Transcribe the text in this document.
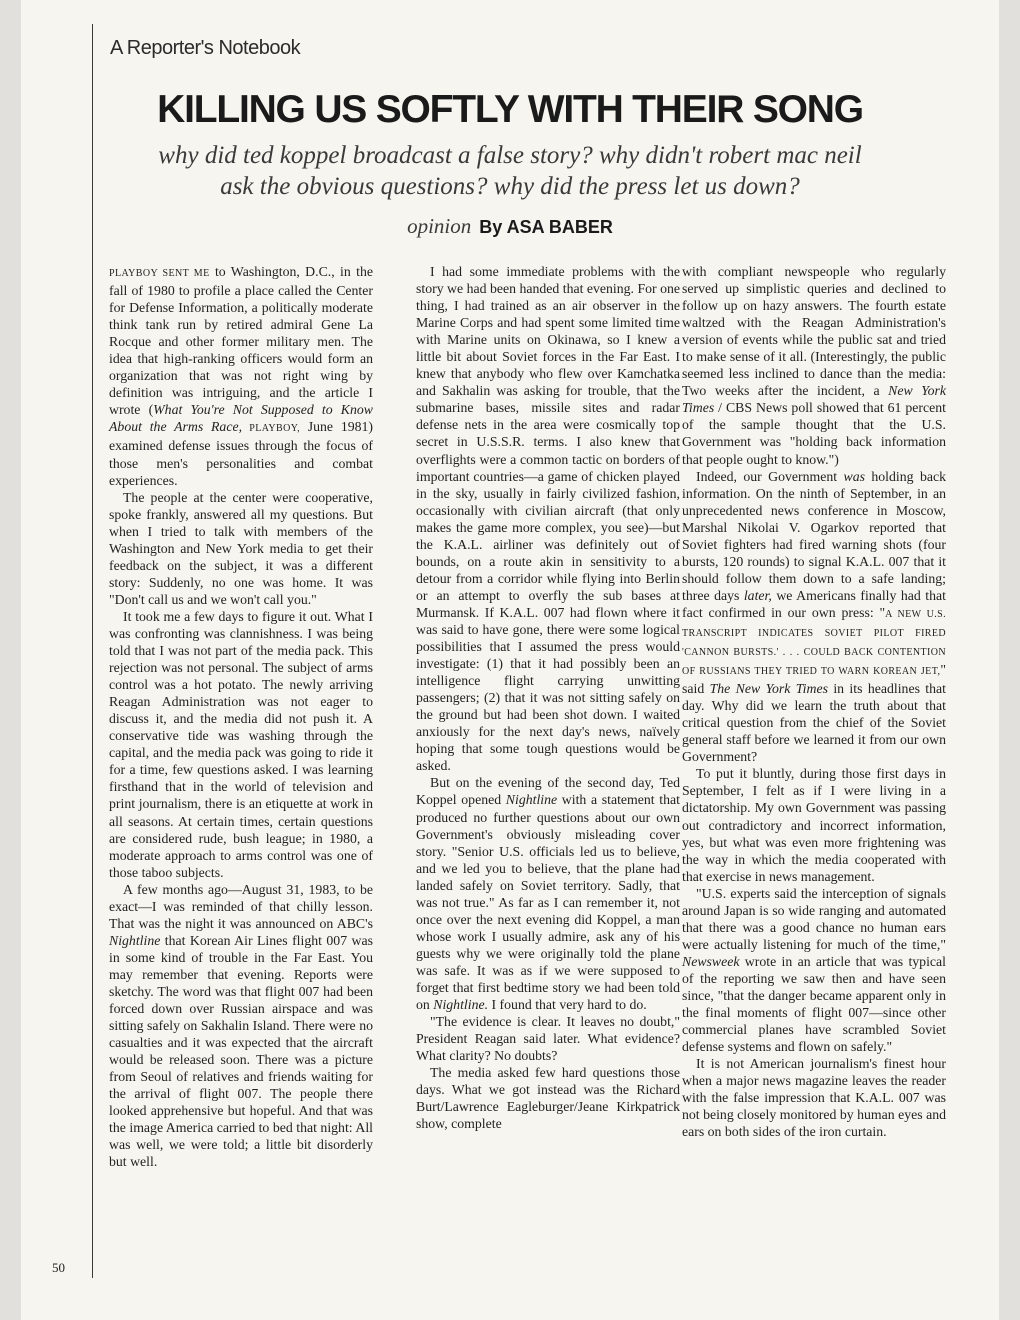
A Reporter's Notebook
KILLING US SOFTLY WITH THEIR SONG
why did ted koppel broadcast a false story? why didn't robert mac neil ask the obvious questions? why did the press let us down?
opinion By ASA BABER

PLAYBOY SENT ME to Washington, D.C., in the fall of 1980 to profile a place called the Center for Defense Information, a politically moderate think tank run by retired admiral Gene La Rocque and other former military men. The idea that high-ranking officers would form an organization that was not right wing by definition was intriguing, and the article I wrote (What You're Not Supposed to Know About the Arms Race, PLAYBOY, June 1981) examined defense issues through the focus of those men's personalities and combat experiences.

The people at the center were cooperative, spoke frankly, answered all my questions. But when I tried to talk with members of the Washington and New York media to get their feedback on the subject, it was a different story: Suddenly, no one was home. It was "Don't call us and we won't call you."

It took me a few days to figure it out. What I was confronting was clannishness. I was being told that I was not part of the media pack. This rejection was not personal. The subject of arms control was a hot potato. The newly arriving Reagan Administration was not eager to discuss it, and the media did not push it. A conservative tide was washing through the capital, and the media pack was going to ride it for a time, few questions asked. I was learning firsthand that in the world of television and print journalism, there is an etiquette at work in all seasons. At certain times, certain questions are considered rude, bush league; in 1980, a moderate approach to arms control was one of those taboo subjects.

A few months ago—August 31, 1983, to be exact—I was reminded of that chilly lesson. That was the night it was announced on ABC's Nightline that Korean Air Lines flight 007 was in some kind of trouble in the Far East. You may remember that evening. Reports were sketchy. The word was that flight 007 had been forced down over Russian airspace and was sitting safely on Sakhalin Island. There were no casualties and it was expected that the aircraft would be released soon. There was a picture from Seoul of relatives and friends waiting for the arrival of flight 007. The people there looked apprehensive but hopeful. And that was the image America carried to bed that night: All was well, we were told; a little bit disorderly but well.

I had some immediate problems with the story we had been handed that evening. For one thing, I had trained as an air observer in the Marine Corps and had spent some limited time with Marine units on Okinawa, so I knew a little bit about Soviet forces in the Far East. I knew that anybody who flew over Kamchatka and Sakhalin was asking for trouble, that the submarine bases, missile sites and radar defense nets in the area were cosmically top secret in U.S.S.R. terms. I also knew that overflights were a common tactic on borders of important countries—a game of chicken played in the sky, usually in fairly civilized fashion, occasionally with civilian aircraft (that only makes the game more complex, you see)—but the K.A.L. airliner was definitely out of bounds, on a route akin in sensitivity to a detour from a corridor while flying into Berlin or an attempt to overfly the sub bases at Murmansk. If K.A.L. 007 had flown where it was said to have gone, there were some logical possibilities that I assumed the press would investigate: (1) that it had possibly been an intelligence flight carrying unwitting passengers; (2) that it was not sitting safely on the ground but had been shot down. I waited anxiously for the next day's news, naïvely hoping that some tough questions would be asked.

But on the evening of the second day, Ted Koppel opened Nightline with a statement that produced no further questions about our own Government's obviously misleading cover story. "Senior U.S. officials led us to believe, and we led you to believe, that the plane had landed safely on Soviet territory. Sadly, that was not true." As far as I can remember it, not once over the next evening did Koppel, a man whose work I usually admire, ask any of his guests why we were originally told the plane was safe. It was as if we were supposed to forget that first bedtime story we had been told on Nightline. I found that very hard to do.

"The evidence is clear. It leaves no doubt," President Reagan said later. What evidence? What clarity? No doubts?

The media asked few hard questions those days. What we got instead was the Richard Burt/Lawrence Eagleburger/Jeane Kirkpatrick show, complete

with compliant newspeople who regularly served up simplistic queries and declined to follow up on hazy answers. The fourth estate waltzed with the Reagan Administration's version of events while the public sat and tried to make sense of it all. (Interestingly, the public seemed less inclined to dance than the media: Two weeks after the incident, a New York Times / CBS News poll showed that 61 percent of the sample thought that the U.S. Government was "holding back information that people ought to know.")

Indeed, our Government was holding back information. On the ninth of September, in an unprecedented news conference in Moscow, Marshal Nikolai V. Ogarkov reported that Soviet fighters had fired warning shots (four bursts, 120 rounds) to signal K.A.L. 007 that it should follow them down to a safe landing; three days later, we Americans finally had that fact confirmed in our own press: "A NEW U.S. TRANSCRIPT INDICATES SOVIET PILOT FIRED 'CANNON BURSTS.' . . . COULD BACK CONTENTION OF RUSSIANS THEY TRIED TO WARN KOREAN JET," said The New York Times in its headlines that day. Why did we learn the truth about that critical question from the chief of the Soviet general staff before we learned it from our own Government?

To put it bluntly, during those first days in September, I felt as if I were living in a dictatorship. My own Government was passing out contradictory and incorrect information, yes, but what was even more frightening was the way in which the media cooperated with that exercise in news management.

"U.S. experts said the interception of signals around Japan is so wide ranging and automated that there was a good chance no human ears were actually listening for much of the time," Newsweek wrote in an article that was typical of the reporting we saw then and have seen since, "that the danger became apparent only in the final moments of flight 007—since other commercial planes have scrambled Soviet defense systems and flown on safely."

It is not American journalism's finest hour when a major news magazine leaves the reader with the false impression that K.A.L. 007 was not being closely monitored by human eyes and ears on both sides of the iron curtain.

50
